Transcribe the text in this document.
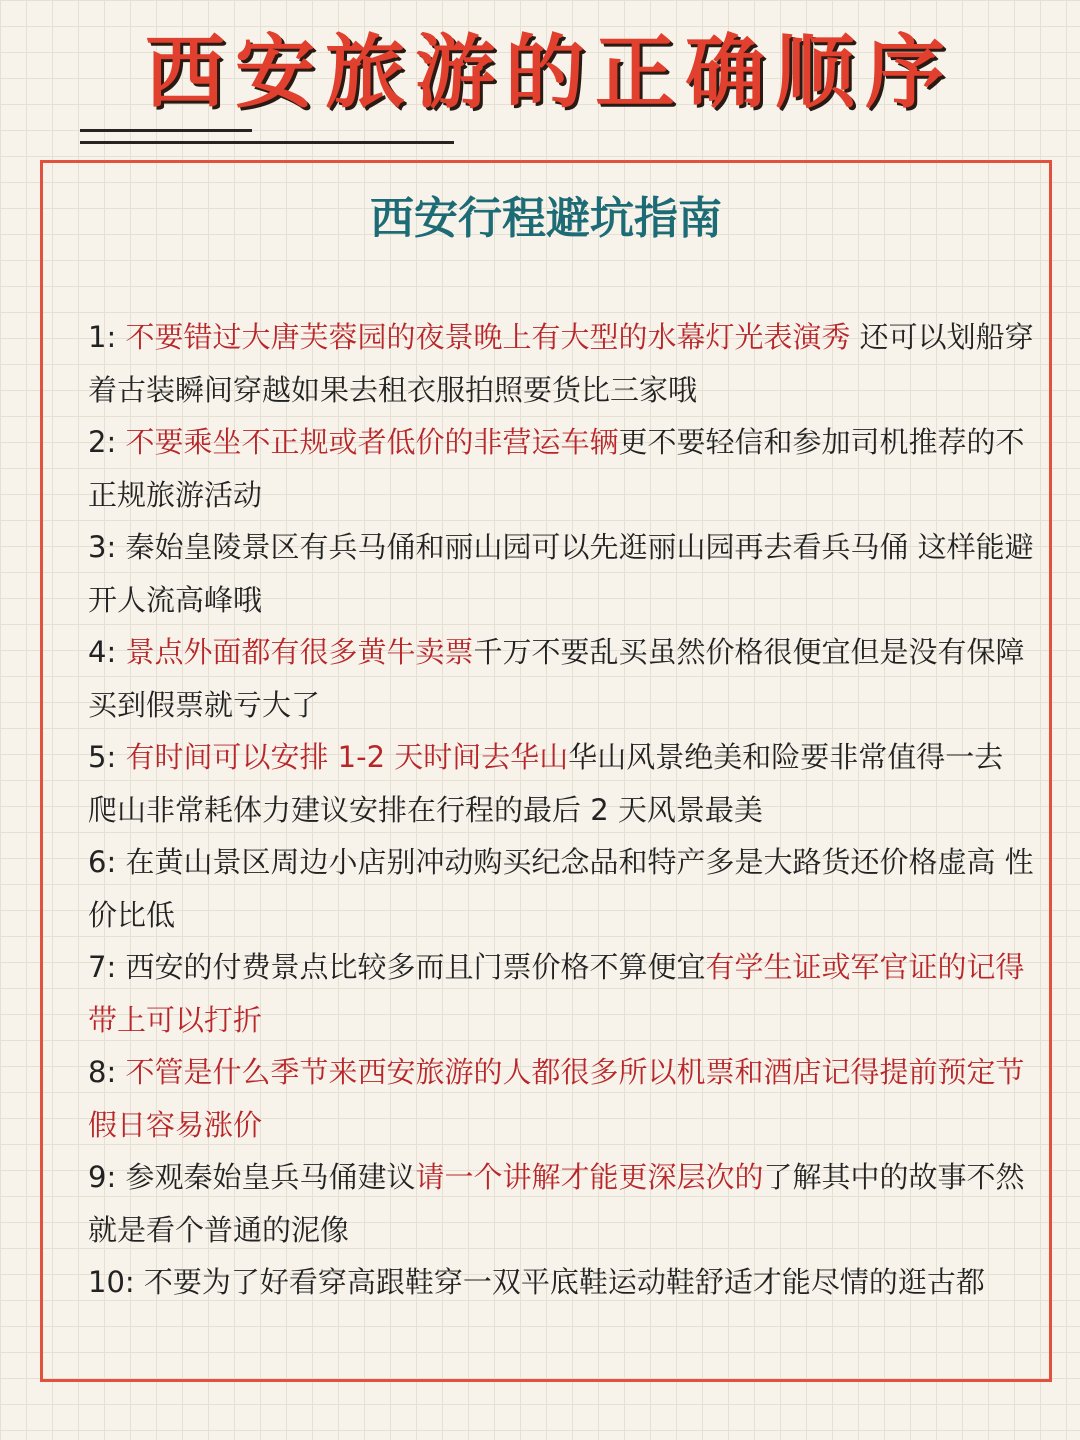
西安旅游的正确顺序
西安行程避坑指南
1: 不要错过大唐芙蓉园的夜景晚上有大型的水幕灯光表演秀 还可以划船穿着古装瞬间穿越如果去租衣服拍照要货比三家哦
2: 不要乘坐不正规或者低价的非营运车辆更不要轻信和参加司机推荐的不正规旅游活动
3: 秦始皇陵景区有兵马俑和丽山园可以先逛丽山园再去看兵马俑 这样能避开人流高峰哦
4: 景点外面都有很多黄牛卖票千万不要乱买虽然价格很便宜但是没有保障 买到假票就亏大了
5: 有时间可以安排 1-2 天时间去华山华山风景绝美和险要非常值得一去 爬山非常耗体力建议安排在行程的最后 2 天风景最美
6: 在黄山景区周边小店别冲动购买纪念品和特产多是大路货还价格虚高 性价比低
7: 西安的付费景点比较多而且门票价格不算便宜有学生证或军官证的记得带上可以打折
8: 不管是什么季节来西安旅游的人都很多所以机票和酒店记得提前预定节假日容易涨价
9: 参观秦始皇兵马俑建议请一个讲解才能更深层次的了解其中的故事不然就是看个普通的泥像
10: 不要为了好看穿高跟鞋穿一双平底鞋运动鞋舒适才能尽情的逛古都
